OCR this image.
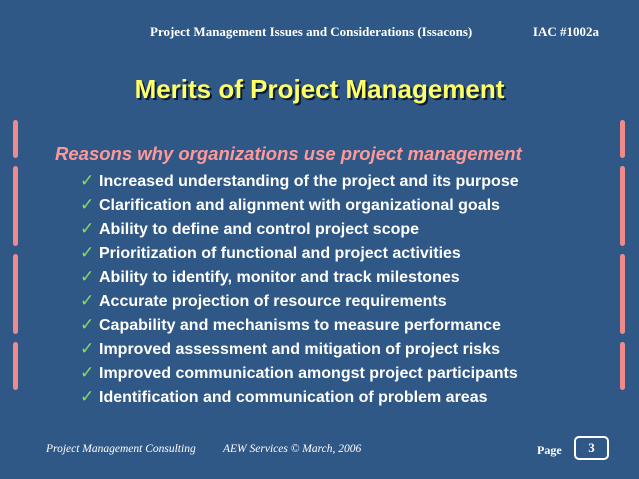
Project Management Issues and Considerations (Issacons)	IAC #1002a
Merits of Project Management
Reasons why organizations use project management
✓ Increased understanding of the project and its purpose
✓ Clarification and alignment with organizational goals
✓ Ability to define and control project scope
✓ Prioritization of functional and project activities
✓ Ability to identify, monitor and track milestones
✓ Accurate projection of resource requirements
✓ Capability and mechanisms to measure performance
✓ Improved assessment and mitigation of project risks
✓ Improved communication amongst project participants
✓ Identification and communication of problem areas
Project Management Consulting AEW Services © March, 2006	Page	3
